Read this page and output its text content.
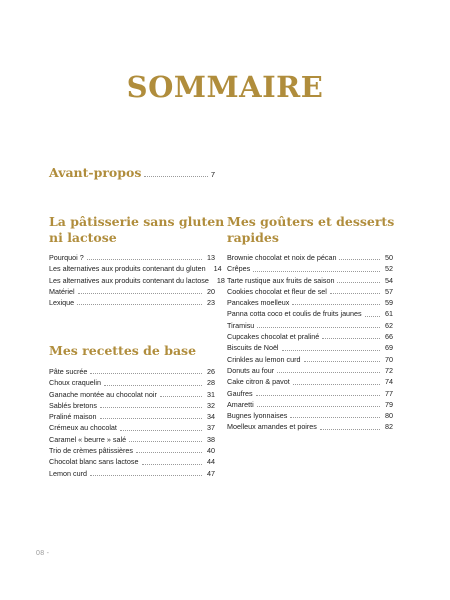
SOMMAIRE
Avant-propos	7
La pâtisserie sans gluten
ni lactose
Pourquoi ?	13
Les alternatives aux produits contenant du gluten 14
Les alternatives aux produits contenant du lactose 18
Matériel	20
Lexique	23
Mes recettes de base
Pâte sucrée	26
Choux craquelin	28
Ganache montée au chocolat noir	31
Sablés bretons	32
Praliné maison	34
Crémeux au chocolat	37
Caramel « beurre » salé	38
Trio de crèmes pâtissières	40
Chocolat blanc sans lactose	44
Lemon curd	47
Mes goûters et desserts
rapides
Brownie chocolat et noix de pécan	50
Crêpes	52
Tarte rustique aux fruits de saison	54
Cookies chocolat et fleur de sel	57
Pancakes moelleux	59
Panna cotta coco et coulis de fruits jaunes	61
Tiramisu	62
Cupcakes chocolat et praliné	66
Biscuits de Noël	69
Crinkles au lemon curd	70
Donuts au four	72
Cake citron & pavot	74
Gaufres	77
Amaretti	79
Bugnes lyonnaises	80
Moelleux amandes et poires	82
08 -
